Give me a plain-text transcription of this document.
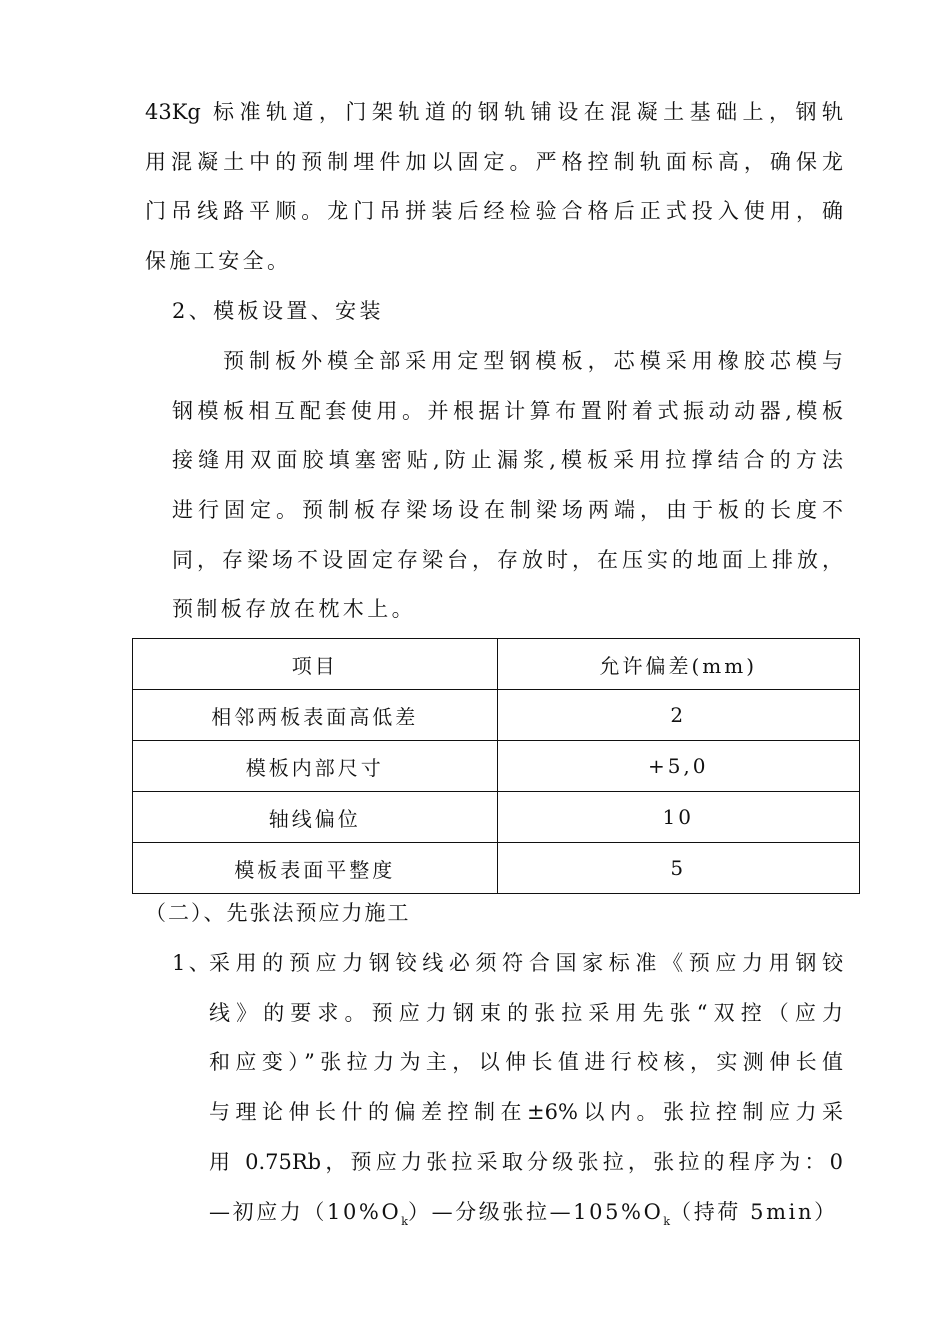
43Kg 标准轨道，门架轨道的钢轨铺设在混凝土基础上，钢轨
用混凝土中的预制埋件加以固定。严格控制轨面标高，确保龙
门吊线路平顺。龙门吊拼装后经检验合格后正式投入使用，确
保施工安全。
2、模板设置、安装
预制板外模全部采用定型钢模板，芯模采用橡胶芯模与
钢模板相互配套使用。并根据计算布置附着式振动动器,模板
接缝用双面胶填塞密贴,防止漏浆,模板采用拉撑结合的方法
进行固定。预制板存梁场设在制梁场两端，由于板的长度不
同，存梁场不设固定存梁台，存放时，在压实的地面上排放，
预制板存放在枕木上。
项目	允许偏差(mm)
相邻两板表面高低差	2
模板内部尺寸	+5,0
轴线偏位	10
模板表面平整度	5
（二）、先张法预应力施工
1、
采用的预应力钢铰线必须符合国家标准《预应力用钢铰
线》的要求。预应力钢束的张拉采用先张“双控（应力
和应变）”张拉力为主，以伸长值进行校核，实测伸长值
与理论伸长什的偏差控制在±6%以内。张拉控制应力采
用 0.75Rb，预应力张拉采取分级张拉，张拉的程序为：0
—初应力$(10\%O_k)—$分级张拉$—105\%O_k$（持荷 5min）
